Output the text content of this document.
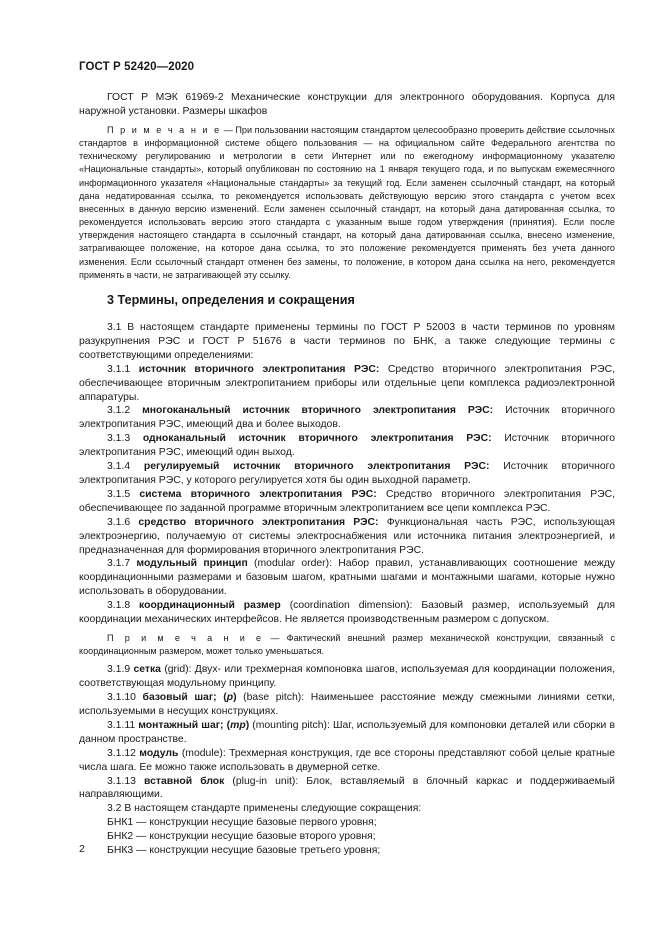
ГОСТ Р 52420—2020

ГОСТ Р МЭК 61969-2 Механические конструкции для электронного оборудования. Корпуса для наружной установки. Размеры шкафов

П р и м е ч а н и е — При пользовании настоящим стандартом целесообразно проверить действие ссылочных стандартов в информационной системе общего пользования — на официальном сайте Федерального агентства по техническому регулированию и метрологии в сети Интернет или по ежегодному информационному указателю «Национальные стандарты», который опубликован по состоянию на 1 января текущего года, и по выпускам ежемесячного информационного указателя «Национальные стандарты» за текущий год. Если заменен ссылочный стандарт, на который дана недатированная ссылка, то рекомендуется использовать действующую версию этого стандарта с учетом всех внесенных в данную версию изменений. Если заменен ссылочный стандарт, на который дана датированная ссылка, то рекомендуется использовать версию этого стандарта с указанным выше годом утверждения (принятия). Если после утверждения настоящего стандарта в ссылочный стандарт, на который дана датированная ссылка, внесено изменение, затрагивающее положение, на которое дана ссылка, то это положение рекомендуется применять без учета данного изменения. Если ссылочный стандарт отменен без замены, то положение, в котором дана ссылка на него, рекомендуется применять в части, не затрагивающей эту ссылку.

3 Термины, определения и сокращения

3.1 В настоящем стандарте применены термины по ГОСТ Р 52003 в части терминов по уровням разукрупнения РЭС и ГОСТ Р 51676 в части терминов по БНК, а также следующие термины с соответствующими определениями:

3.1.1 источник вторичного электропитания РЭС: Средство вторичного электропитания РЭС, обеспечивающее вторичным электропитанием приборы или отдельные цепи комплекса радиоэлектронной аппаратуры.

3.1.2 многоканальный источник вторичного электропитания РЭС: Источник вторичного электропитания РЭС, имеющий два и более выходов.

3.1.3 одноканальный источник вторичного электропитания РЭС: Источник вторичного электропитания РЭС, имеющий один выход.

3.1.4 регулируемый источник вторичного электропитания РЭС: Источник вторичного электропитания РЭС, у которого регулируется хотя бы один выходной параметр.

3.1.5 система вторичного электропитания РЭС: Средство вторичного электропитания РЭС, обеспечивающее по заданной программе вторичным электропитанием все цепи комплекса РЭС.

3.1.6 средство вторичного электропитания РЭС: Функциональная часть РЭС, использующая электроэнергию, получаемую от системы электроснабжения или источника питания электроэнергией, и предназначенная для формирования вторичного электропитания РЭС.

3.1.7 модульный принцип (modular order): Набор правил, устанавливающих соотношение между координационными размерами и базовым шагом, кратными шагами и монтажными шагами, которые нужно использовать в оборудовании.

3.1.8 координационный размер (coordination dimension): Базовый размер, используемый для координации механических интерфейсов. Не является производственным размером с допуском.

П р и м е ч а н и е — Фактический внешний размер механической конструкции, связанный с координационным размером, может только уменьшаться.

3.1.9 сетка (grid): Двух- или трехмерная компоновка шагов, используемая для координации положения, соответствующая модульному принципу.

3.1.10 базовый шаг; (p) (base pitch): Наименьшее расстояние между смежными линиями сетки, используемыми в несущих конструкциях.

3.1.11 монтажный шаг; (mp) (mounting pitch): Шаг, используемый для компоновки деталей или сборки в данном пространстве.

3.1.12 модуль (module): Трехмерная конструкция, где все стороны представляют собой целые кратные числа шага. Ее можно также использовать в двумерной сетке.

3.1.13 вставной блок (plug-in unit): Блок, вставляемый в блочный каркас и поддерживаемый направляющими.

3.2 В настоящем стандарте применены следующие сокращения:

БНК1 — конструкции несущие базовые первого уровня;

БНК2 — конструкции несущие базовые второго уровня;

БНК3 — конструкции несущие базовые третьего уровня;

2
